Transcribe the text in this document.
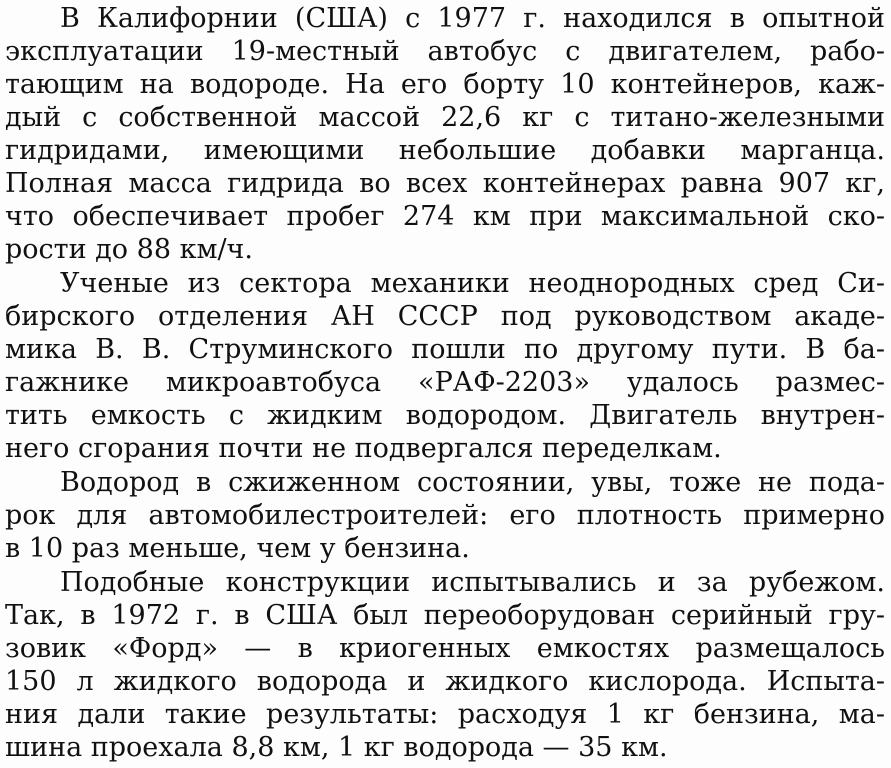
В Калифорнии (США) с 1977 г. находился в опытной
эксплуатации 19-местный автобус с двигателем, рабо-
тающим на водороде. На его борту 10 контейнеров, каж-
дый с собственной массой 22,6 кг с титано-железными
гидридами, имеющими небольшие добавки марганца.
Полная масса гидрида во всех контейнерах равна 907 кг,
что обеспечивает пробег 274 км при максимальной ско-
рости до 88 км/ч.
Ученые из сектора механики неоднородных сред Си-
бирского отделения АН СССР под руководством акаде-
мика В. В. Струминского пошли по другому пути. В ба-
гажнике микроавтобуса «РАФ-2203» удалось размес-
тить емкость с жидким водородом. Двигатель внутрен-
него сгорания почти не подвергался переделкам.
Водород в сжиженном состоянии, увы, тоже не пода-
рок для автомобилестроителей: его плотность примерно
в 10 раз меньше, чем у бензина.
Подобные конструкции испытывались и за рубежом.
Так, в 1972 г. в США был переоборудован серийный гру-
зовик «Форд» — в криогенных емкостях размещалось
150 л жидкого водорода и жидкого кислорода. Испыта-
ния дали такие результаты: расходуя 1 кг бензина, ма-
шина проехала 8,8 км, 1 кг водорода — 35 км.
